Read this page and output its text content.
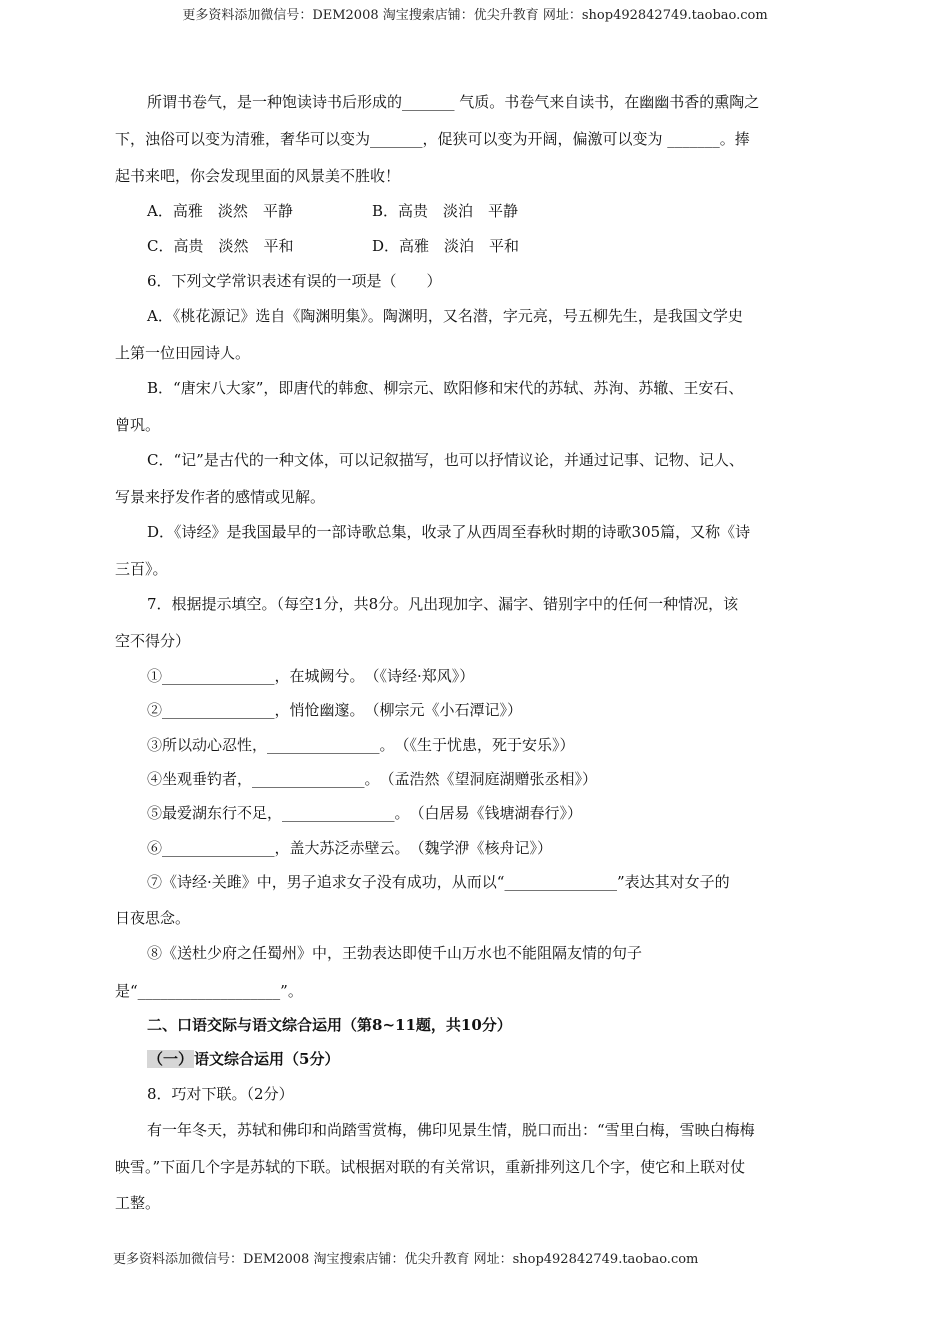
更多资料添加微信号：DEM2008 淘宝搜索店铺：优尖升教育 网址：shop492842749.taobao.com
所谓书卷气，是一种饱读诗书后形成的_______ 气质。书卷气来自读书，在幽幽书香的熏陶之
下，浊俗可以变为清雅，奢华可以变为_______，促狭可以变为开阔，偏激可以变为 _______。捧
起书来吧，你会发现里面的风景美不胜收！
A．高雅　淡然　平静	B．高贵　淡泊　平静
C．高贵　淡然　平和	D．高雅　淡泊　平和
6．下列文学常识表述有误的一项是（　　）
A．《桃花源记》选自《陶渊明集》。陶渊明，又名潜，字元亮，号五柳先生，是我国文学史
上第一位田园诗人。
B．“唐宋八大家”，即唐代的韩愈、柳宗元、欧阳修和宋代的苏轼、苏洵、苏辙、王安石、
曾巩。
C．“记”是古代的一种文体，可以记叙描写，也可以抒情议论，并通过记事、记物、记人、
写景来抒发作者的感情或见解。
D．《诗经》是我国最早的一部诗歌总集，收录了从西周至春秋时期的诗歌305篇，又称《诗
三百》。
7．根据提示填空。（每空1分，共8分。凡出现加字、漏字、错别字中的任何一种情况，该
空不得分）
①_______________，在城阙兮。　（《诗经·郑风》）
②_______________，悄怆幽邃。　（柳宗元《小石潭记》）
③所以动心忍性，_______________。　（《生于忧患，死于安乐》）
④坐观垂钓者，_______________。　（孟浩然《望洞庭湖赠张丞相》）
⑤最爱湖东行不足，_______________。　（白居易《钱塘湖春行》）
⑥_______________，盖大苏泛赤壁云。　（魏学洢《核舟记》）
⑦《诗经·关雎》中，男子追求女子没有成功，从而以“_______________”表达其对女子的
日夜思念。
⑧《送杜少府之任蜀州》中，王勃表达即使千山万水也不能阻隔友情的句子
是“___________________”。
二、口语交际与语文综合运用（第8~11题，共10分）
（一）语文综合运用（5分）
8．巧对下联。（2分）
有一年冬天，苏轼和佛印和尚踏雪赏梅，佛印见景生情，脱口而出：“雪里白梅，雪映白梅梅
映雪。”下面几个字是苏轼的下联。试根据对联的有关常识，重新排列这几个字，使它和上联对仗
工整。
更多资料添加微信号：DEM2008 淘宝搜索店铺：优尖升教育 网址：shop492842749.taobao.com
